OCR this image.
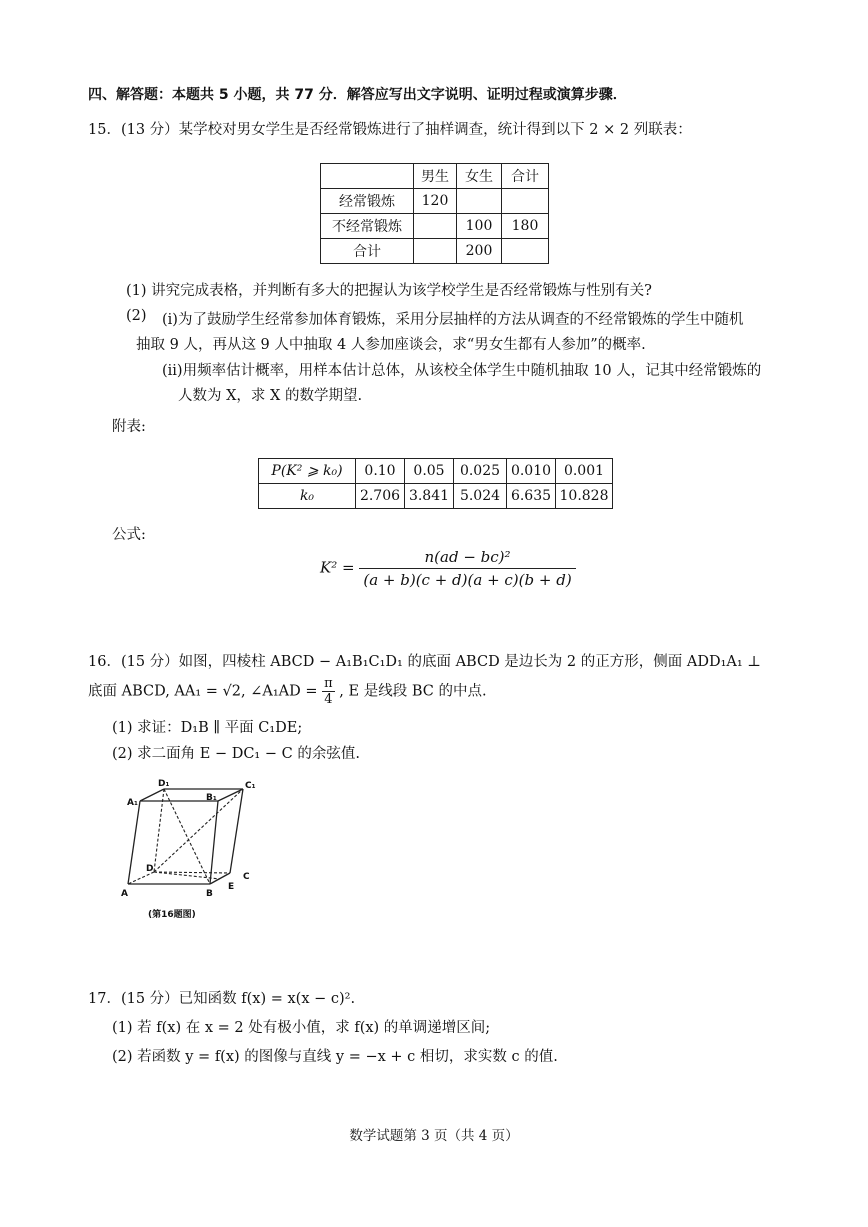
四、解答题：本题共 5 小题，共 77 分．解答应写出文字说明、证明过程或演算步骤．
15．(13 分）某学校对男女学生是否经常锻炼进行了抽样调查，统计得到以下 2 × 2 列联表：
	男生	女生	合计
经常锻炼	120		
不经常锻炼		100	180
合计		200	
(1) 讲究完成表格，并判断有多大的把握认为该学校学生是否经常锻炼与性别有关?
(2) (i)为了鼓励学生经常参加体育锻炼，采用分层抽样的方法从调查的不经常锻炼的学生中随机
抽取 9 人，再从这 9 人中抽取 4 人参加座谈会，求“男女生都有人参加”的概率.
(ii)用频率估计概率，用样本估计总体，从该校全体学生中随机抽取 10 人，记其中经常锻炼的
人数为 X，求 X 的数学期望.
附表:
P(K² ⩾ k₀)	0.10	0.05	0.025	0.010	0.001
k₀	2.706	3.841	5.024	6.635	10.828
公式:
$K^2 = \frac{\text{n(ad − bc)²}}{(a + b)(c + d)(a + c)(b + d)}$
16．(15 分）如图，四棱柱 ABCD − A₁B₁C₁D₁ 的底面 ABCD 是边长为 2 的正方形，侧面 ADD₁A₁ ⊥
底面 ABCD, AA₁ = √2, ∠A₁AD = $\frac{\pi}{4}$ , E 是线段 BC 的中点.
(1) 求证：D₁B ∥ 平面 C₁DE;
(2) 求二面角 E − DC₁ − C 的余弦值.
D₁	C₁
A₁	B₁
D
A	B
E
C
(第16题图)
17．(15 分）已知函数 f(x) = x(x − c)².
(1) 若 f(x) 在 x = 2 处有极小值，求 f(x) 的单调递增区间;
(2) 若函数 y = f(x) 的图像与直线 y = −x + c 相切，求实数 c 的值.
数学试题第 3 页（共 4 页）
